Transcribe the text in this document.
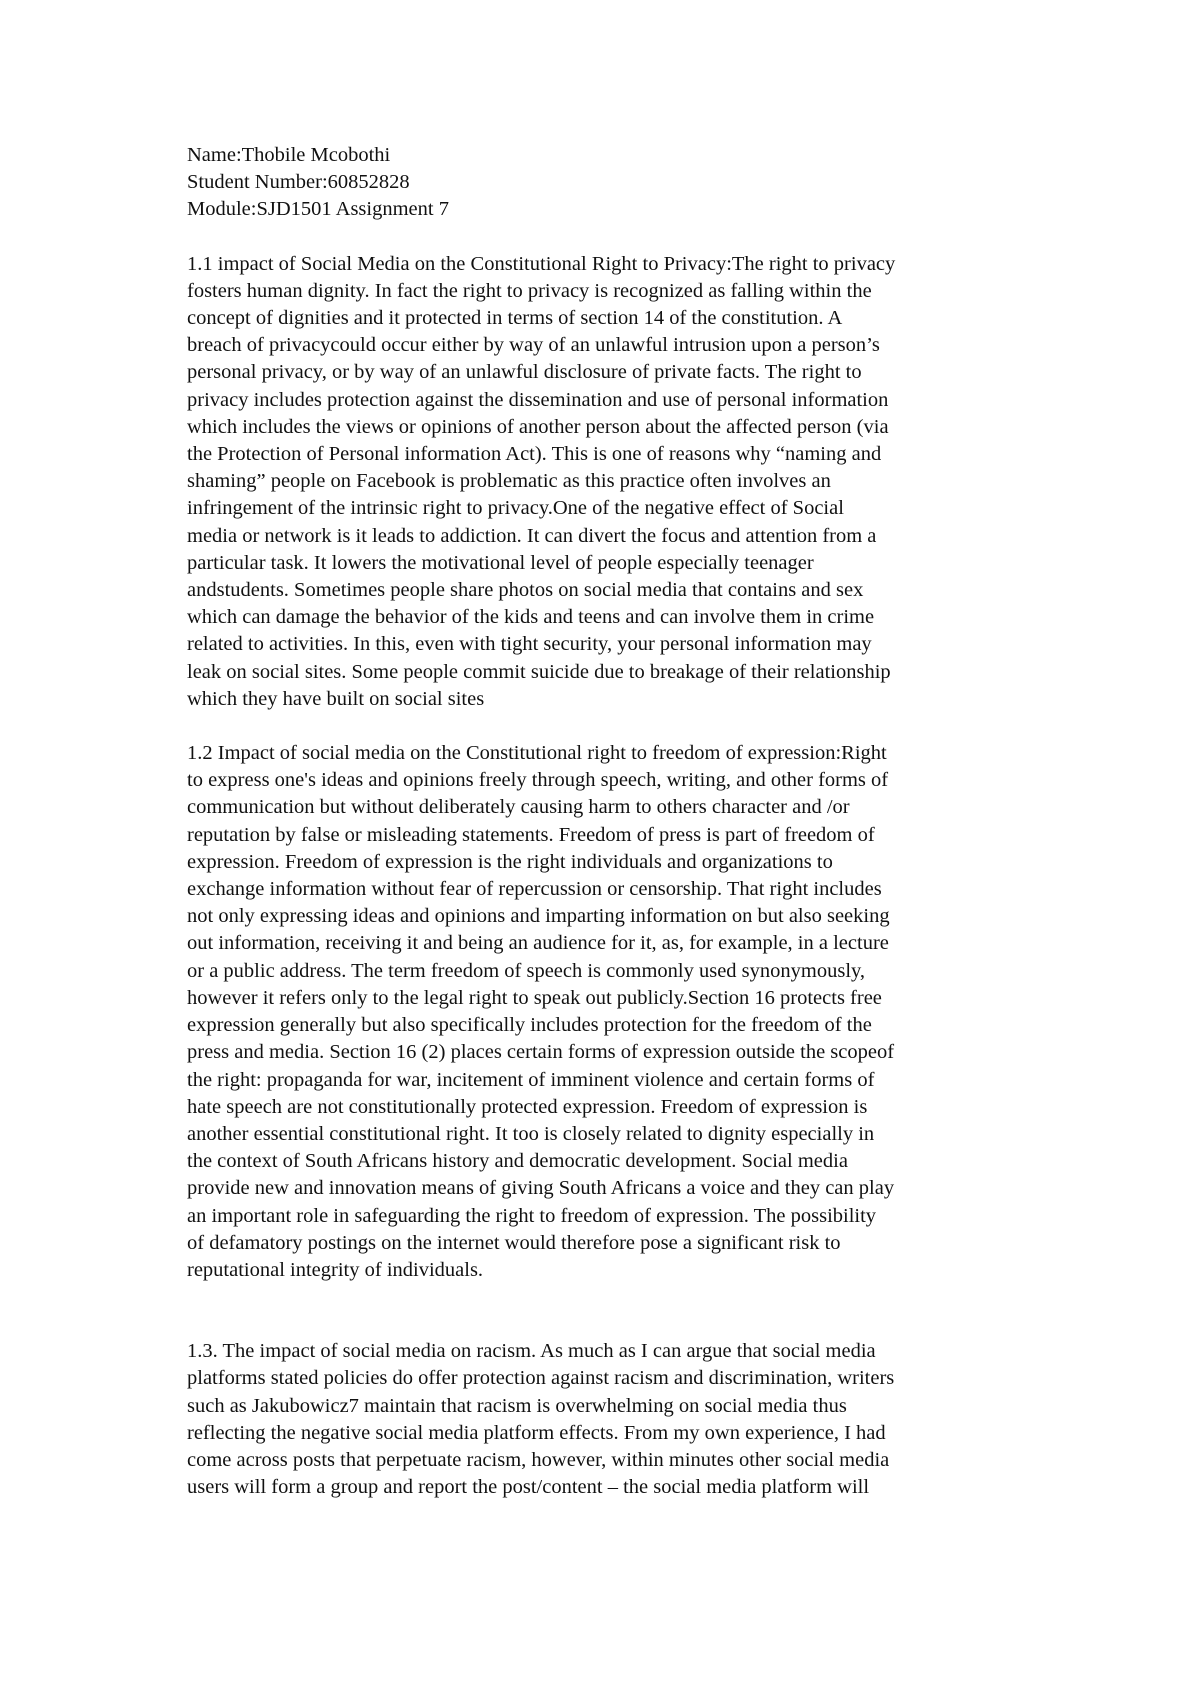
Name:Thobile Mcobothi

Student Number:60852828

Module:SJD1501 Assignment 7

1.1 impact of Social Media on the Constitutional Right to Privacy:The right to privacy
fosters human dignity. In fact the right to privacy is recognized as falling within the
concept of dignities and it protected in terms of section 14 of the constitution. A
breach of privacycould occur either by way of an unlawful intrusion upon a person’s
personal privacy, or by way of an unlawful disclosure of private facts. The right to
privacy includes protection against the dissemination and use of personal information
which includes the views or opinions of another person about the affected person (via
the Protection of Personal information Act). This is one of reasons why “naming and
shaming” people on Facebook is problematic as this practice often involves an
infringement of the intrinsic right to privacy.One of the negative effect of Social
media or network is it leads to addiction. It can divert the focus and attention from a
particular task. It lowers the motivational level of people especially teenager
andstudents. Sometimes people share photos on social media that contains and sex
which can damage the behavior of the kids and teens and can involve them in crime
related to activities. In this, even with tight security, your personal information may
leak on social sites. Some people commit suicide due to breakage of their relationship
which they have built on social sites

1.2 Impact of social media on the Constitutional right to freedom of expression:Right
to express one's ideas and opinions freely through speech, writing, and other forms of
communication but without deliberately causing harm to others character and /or
reputation by false or misleading statements. Freedom of press is part of freedom of
expression. Freedom of expression is the right individuals and organizations to
exchange information without fear of repercussion or censorship. That right includes
not only expressing ideas and opinions and imparting information on but also seeking
out information, receiving it and being an audience for it, as, for example, in a lecture
or a public address. The term freedom of speech is commonly used synonymously,
however it refers only to the legal right to speak out publicly.Section 16 protects free
expression generally but also specifically includes protection for the freedom of the
press and media. Section 16 (2) places certain forms of expression outside the scopeof
the right: propaganda for war, incitement of imminent violence and certain forms of
hate speech are not constitutionally protected expression. Freedom of expression is
another essential constitutional right. It too is closely related to dignity especially in
the context of South Africans history and democratic development. Social media
provide new and innovation means of giving South Africans a voice and they can play
an important role in safeguarding the right to freedom of expression. The possibility
of defamatory postings on the internet would therefore pose a significant risk to
reputational integrity of individuals.

1.3. The impact of social media on racism. As much as I can argue that social media
platforms stated policies do offer protection against racism and discrimination, writers
such as Jakubowicz7 maintain that racism is overwhelming on social media thus
reflecting the negative social media platform effects. From my own experience, I had
come across posts that perpetuate racism, however, within minutes other social media
users will form a group and report the post/content – the social media platform will
